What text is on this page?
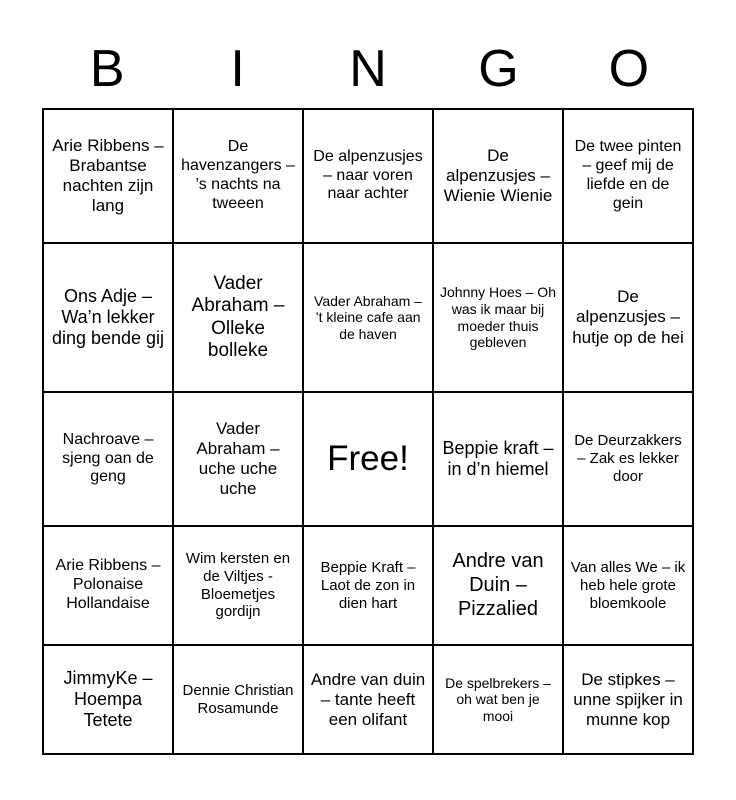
B	I	N	G	O
Arie Ribbens – Brabantse nachten zijn lang	De havenzangers – ’s nachts na tweeen	De alpenzusjes – naar voren naar achter	De alpenzusjes – Wienie Wienie	De twee pinten – geef mij de liefde en de gein
Ons Adje – Wa’n lekker ding bende gij	Vader Abraham – Olleke bolleke	Vader Abraham – ’t kleine cafe aan de haven	Johnny Hoes – Oh was ik maar bij moeder thuis gebleven	De alpenzusjes – hutje op de hei
Nachroave – sjeng oan de geng	Vader Abraham – uche uche uche	Free!	Beppie kraft – in d’n hiemel	De Deurzakkers – Zak es lekker door
Arie Ribbens – Polonaise Hollandaise	Wim kersten en de Viltjes - Bloemetjes gordijn	Beppie Kraft – Laot de zon in dien hart	Andre van Duin – Pizzalied	Van alles We – ik heb hele grote bloemkoole
JimmyKe – Hoempa Tetete	Dennie Christian Rosamunde	Andre van duin – tante heeft een olifant	De spelbrekers – oh wat ben je mooi	De stipkes – unne spijker in munne kop
